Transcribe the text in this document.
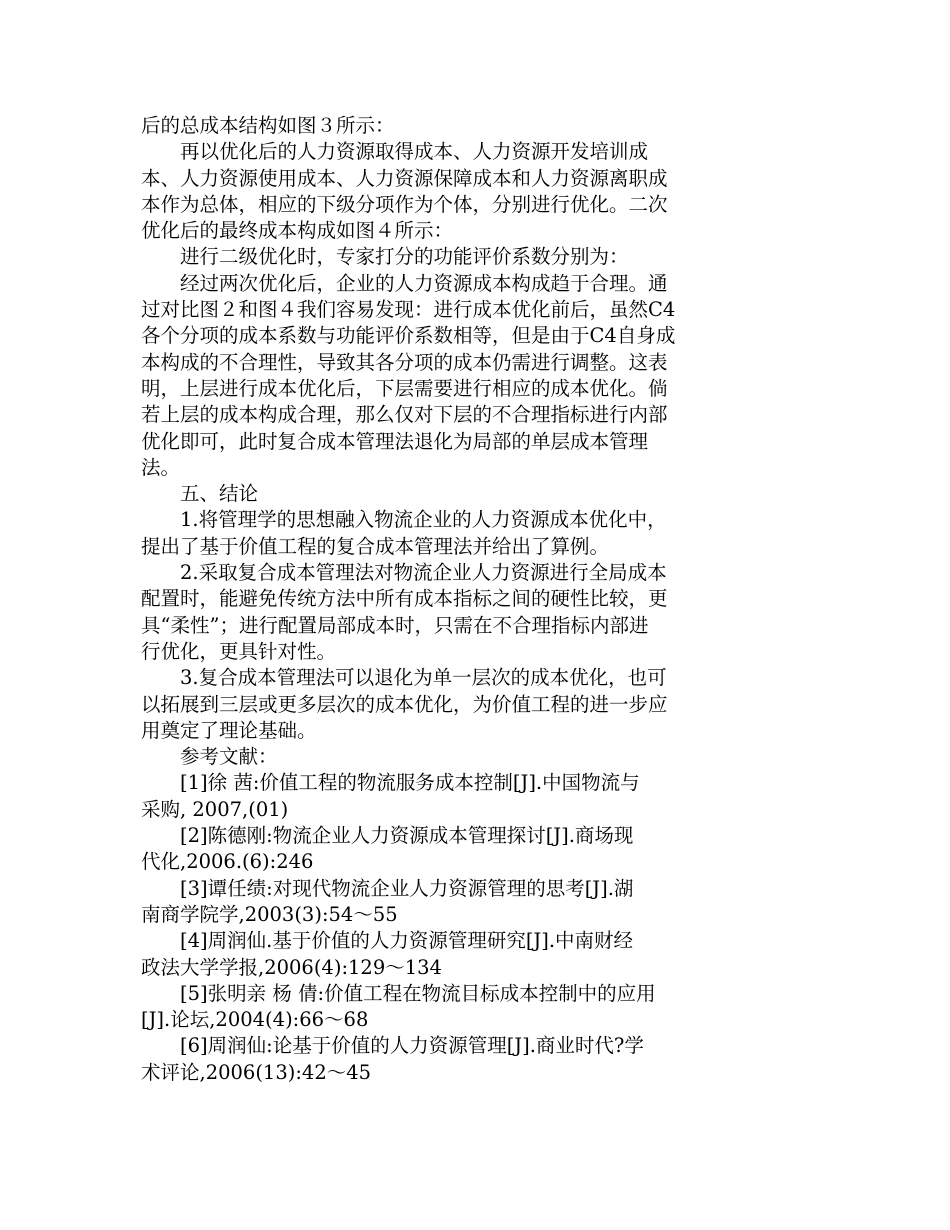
后的总成本结构如图３所示：
　　再以优化后的人力资源取得成本、人力资源开发培训成
本、人力资源使用成本、人力资源保障成本和人力资源离职成
本作为总体，相应的下级分项作为个体，分别进行优化。二次
优化后的最终成本构成如图４所示：
　　进行二级优化时，专家打分的功能评价系数分别为：
　　经过两次优化后，企业的人力资源成本构成趋于合理。通
过对比图２和图４我们容易发现：进行成本优化前后，虽然C4
各个分项的成本系数与功能评价系数相等，但是由于C4自身成
本构成的不合理性，导致其各分项的成本仍需进行调整。这表
明，上层进行成本优化后，下层需要进行相应的成本优化。倘
若上层的成本构成合理，那么仅对下层的不合理指标进行内部
优化即可，此时复合成本管理法退化为局部的单层成本管理
法。
　　五、结论
　　1.将管理学的思想融入物流企业的人力资源成本优化中，
提出了基于价值工程的复合成本管理法并给出了算例。
　　2.采取复合成本管理法对物流企业人力资源进行全局成本
配置时，能避免传统方法中所有成本指标之间的硬性比较，更
具“柔性”；进行配置局部成本时，只需在不合理指标内部进
行优化，更具针对性。
　　3.复合成本管理法可以退化为单一层次的成本优化，也可
以拓展到三层或更多层次的成本优化，为价值工程的进一步应
用奠定了理论基础。
　　参考文献：
　　[1]徐 茜:价值工程的物流服务成本控制[J].中国物流与
采购, 2007,(01)
　　[2]陈德刚:物流企业人力资源成本管理探讨[J].商场现
代化,2006.(6):246
　　[3]谭任绩:对现代物流企业人力资源管理的思考[J].湖
南商学院学,2003(3):54～55
　　[4]周润仙.基于价值的人力资源管理研究[J].中南财经
政法大学学报,2006(4):129～134
　　[5]张明亲 杨 倩:价值工程在物流目标成本控制中的应用
[J].论坛,2004(4):66～68
　　[6]周润仙:论基于价值的人力资源管理[J].商业时代?学
术评论,2006(13):42～45
